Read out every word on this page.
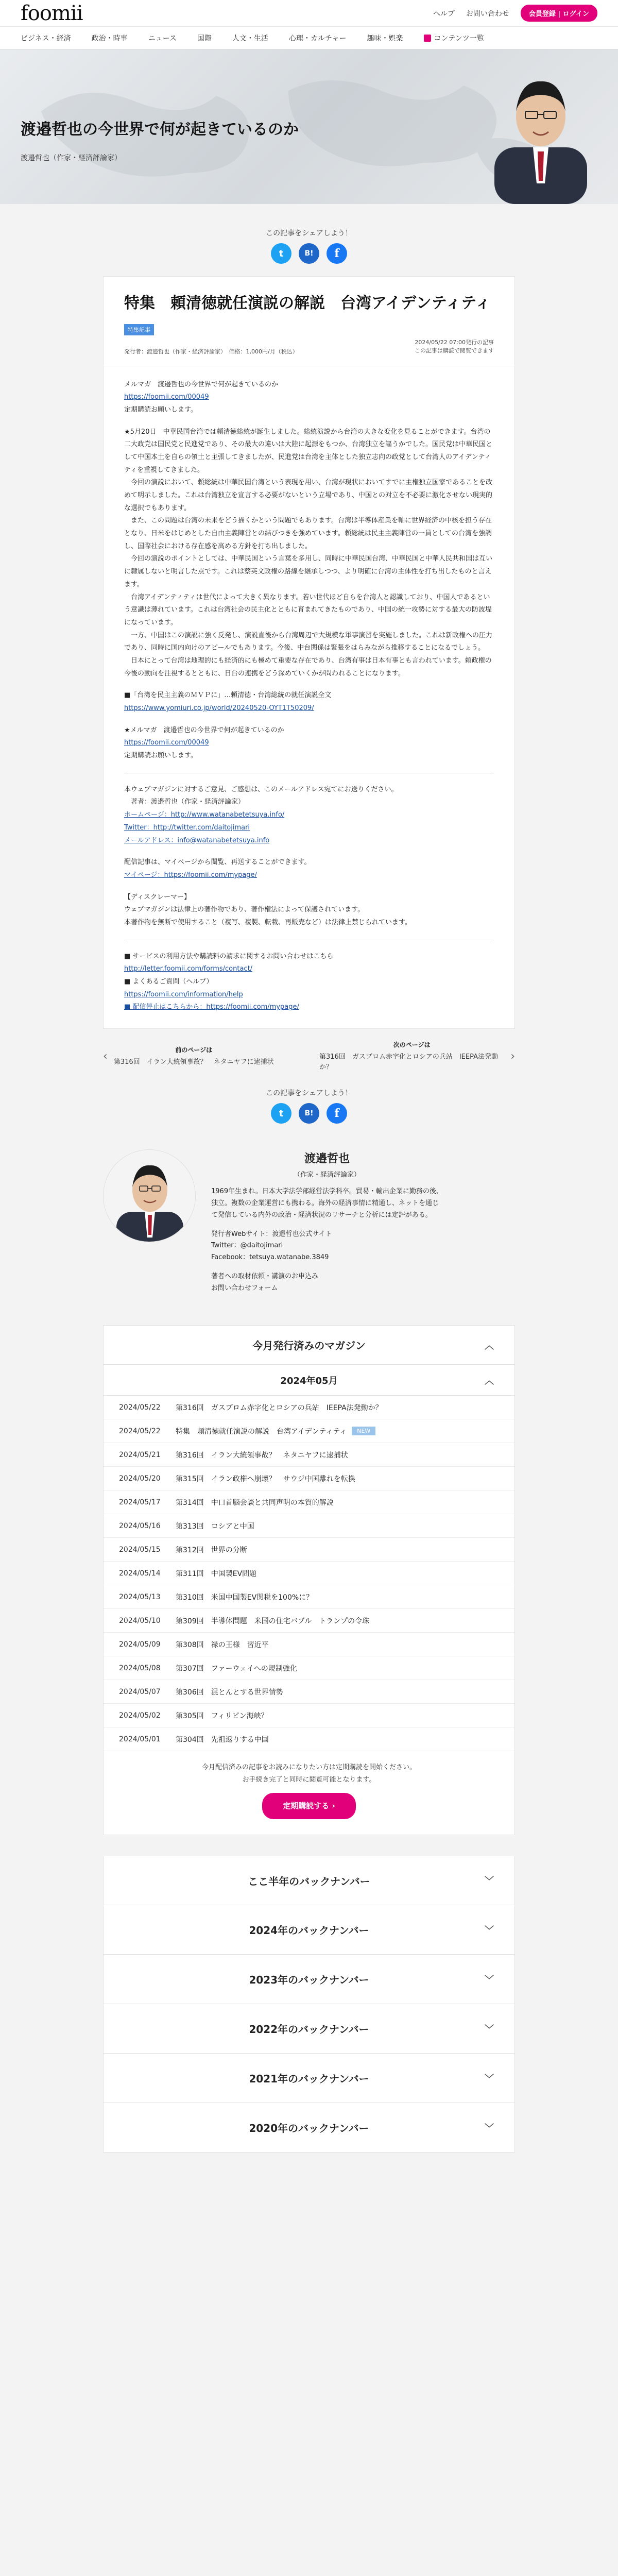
foomii	ヘルプ お問い合わせ	会員登録 | ログイン
ビジネス・経済	政治・時事	ニュース	国際	人文・生活	心理・カルチャー	趣味・娯楽	コンテンツ一覧
渡邉哲也の今世界で何が起きているのか
渡邉哲也（作家・経済評論家）
この記事をシェアしよう！
t	B!	f
特集　頼清徳就任演説の解説　台湾アイデンティティ
特集記事
発行者：渡邉哲也（作家・経済評論家）　価格：1,000円/月（税込）
2024/05/22 07:00発行の記事
この記事は購読で閲覧できます

メルマガ　渡邉哲也の今世界で何が起きているのか

https://foomii.com/00049

定期購読お願いします。

★5月20日　中華民国台湾では頼清徳総統が誕生しました。総統演説から台湾の大きな変化を見ることができます。台湾の二大政党は国民党と民進党であり、その最大の違いは大陸に起源をもつか、台湾独立を謳うかでした。国民党は中華民国として中国本土を自らの領土と主張してきましたが、民進党は台湾を主体とした独立志向の政党として台湾人のアイデンティティを重視してきました。

今回の演説において、頼総統は中華民国台湾という表現を用い、台湾が現状においてすでに主権独立国家であることを改めて明示しました。これは台湾独立を宣言する必要がないという立場であり、中国との対立を不必要に激化させない現実的な選択でもあります。

また、この問題は台湾の未来をどう描くかという問題でもあります。台湾は半導体産業を軸に世界経済の中核を担う存在となり、日米をはじめとした自由主義陣営との結びつきを強めています。頼総統は民主主義陣営の一員としての台湾を強調し、国際社会における存在感を高める方針を打ち出しました。

今回の演説のポイントとしては、中華民国という言葉を多用し、同時に中華民国台湾、中華民国と中華人民共和国は互いに隷属しないと明言した点です。これは蔡英文政権の路線を継承しつつ、より明確に台湾の主体性を打ち出したものと言えます。

台湾アイデンティティは世代によって大きく異なります。若い世代ほど自らを台湾人と認識しており、中国人であるという意識は薄れています。これは台湾社会の民主化とともに育まれてきたものであり、中国の統一攻勢に対する最大の防波堤になっています。

一方、中国はこの演説に強く反発し、演説直後から台湾周辺で大規模な軍事演習を実施しました。これは新政権への圧力であり、同時に国内向けのアピールでもあります。今後、中台関係は緊張をはらみながら推移することになるでしょう。

日本にとって台湾は地理的にも経済的にも極めて重要な存在であり、台湾有事は日本有事とも言われています。頼政権の今後の動向を注視するとともに、日台の連携をどう深めていくかが問われることになります。

■「台湾を民主主義のＭＶＰに」…頼清徳・台湾総統の就任演説全文

https://www.yomiuri.co.jp/world/20240520-OYT1T50209/

★メルマガ　渡邉哲也の今世界で何が起きているのか

https://foomii.com/00049

定期購読お願いします。

本ウェブマガジンに対するご意見、ご感想は、このメールアドレス宛てにお送りください。

著者：渡邉哲也（作家・経済評論家）

ホームページ：http://www.watanabetetsuya.info/

Twitter：http://twitter.com/daitojimari

メールアドレス：info@watanabetetsuya.info

配信記事は、マイページから閲覧、再送することができます。

マイページ：https://foomii.com/mypage/

【ディスクレーマー】

ウェブマガジンは法律上の著作物であり、著作権法によって保護されています。

本著作物を無断で使用すること（複写、複製、転載、再販売など）は法律上禁じられています。

■ サービスの利用方法や購読料の請求に関するお問い合わせはこちら

http://letter.foomii.com/forms/contact/

■ よくあるご質問（ヘルプ）

https://foomii.com/information/help

■ 配信停止はこちらから：https://foomii.com/mypage/

‹	前のページは
第316回　イラン大統領事故？　ネタニヤフに逮捕状
次のページは
第316回　ガスプロム赤字化とロシアの兵站　IEEPA法発動か？
›
この記事をシェアしよう！
t	B!	f
渡邉哲也
（作家・経済評論家）
1969年生まれ。日本大学法学部経営法学科卒。貿易・輸出企業に勤務の後、独立。複数の企業運営にも携わる。海外の経済事情に精通し、ネットを通じて発信している内外の政治・経済状況のリサーチと分析には定評がある。
発行者Webサイト：渡邉哲也公式サイト
Twitter：@daitojimari
Facebook：tetsuya.watanabe.3849
著者への取材依頼・講演のお申込み
お問い合わせフォーム
今月発行済みのマガジン	︿
2024年05月	︿
2024/05/22	第316回　ガスプロム赤字化とロシアの兵站　IEEPA法発動か？
2024/05/22	特集　頼清徳就任演説の解説　台湾アイデンティティ	NEW
2024/05/21	第316回　イラン大統領事故？　ネタニヤフに逮捕状
2024/05/20	第315回　イラン政権へ崩壊？　サウジ中国離れを転換
2024/05/17	第314回　中口首脳会談と共同声明の本質的解説
2024/05/16	第313回　ロシアと中国
2024/05/15	第312回　世界の分断
2024/05/14	第311回　中国製EV問題
2024/05/13	第310回　米国中国製EV関税を100%に？
2024/05/10	第309回　半導体問題　米国の住宅バブル　トランプの令珠
2024/05/09	第308回　禄の王様　習近平
2024/05/08	第307回　ファーウェイへの規制強化
2024/05/07	第306回　混とんとする世界情勢
2024/05/02	第305回　フィリピン海峡？
2024/05/01	第304回　先祖返りする中国
今月配信済みの記事をお読みになりたい方は定期購読を開始ください。
お手続き完了と同時に閲覧可能となります。
定期購読する ›
ここ半年のバックナンバー	﹀
2024年のバックナンバー	﹀
2023年のバックナンバー	﹀
2022年のバックナンバー	﹀
2021年のバックナンバー	﹀
2020年のバックナンバー	﹀
